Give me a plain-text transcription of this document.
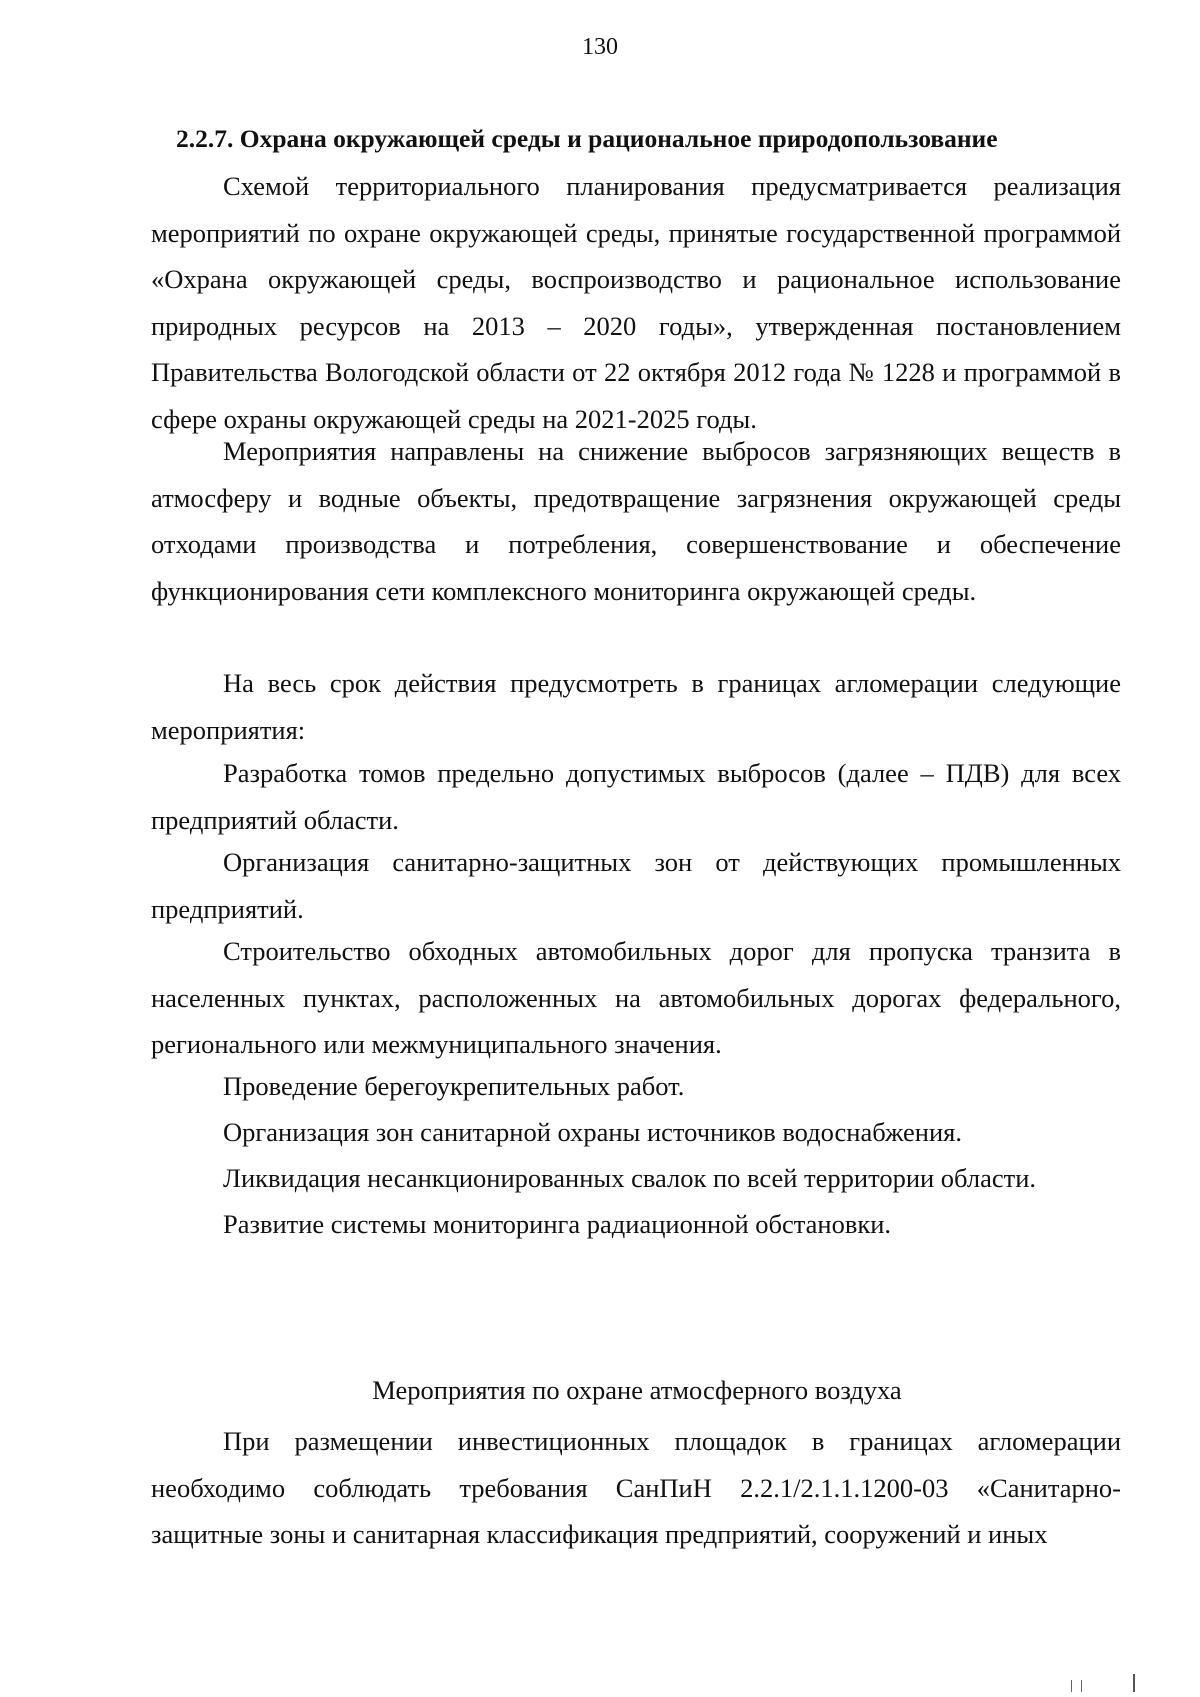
130
2.2.7. Охрана окружающей среды и рациональное природопользование

Схемой территориального планирования предусматривается реализация мероприятий по охране окружающей среды, принятые государственной программой «Охрана окружающей среды, воспроизводство и рациональное использование природных ресурсов на 2013 – 2020 годы», утвержденная постановлением Правительства Вологодской области от 22 октября 2012 года № 1228 и программой в сфере охраны окружающей среды на 2021-2025 годы.

Мероприятия направлены на снижение выбросов загрязняющих веществ в атмосферу и водные объекты, предотвращение загрязнения окружающей среды отходами производства и потребления, совершенствование и обеспечение функционирования сети комплексного мониторинга окружающей среды.

На весь срок действия предусмотреть в границах агломерации следующие мероприятия:

Разработка томов предельно допустимых выбросов (далее – ПДВ) для всех предприятий области.

Организация санитарно-защитных зон от действующих промышленных предприятий.

Строительство обходных автомобильных дорог для пропуска транзита в населенных пунктах, расположенных на автомобильных дорогах федерального, регионального или межмуниципального значения.

Проведение берегоукрепительных работ.

Организация зон санитарной охраны источников водоснабжения.

Ликвидация несанкционированных свалок по всей территории области.

Развитие системы мониторинга радиационной обстановки.

Мероприятия по охране атмосферного воздуха

При размещении инвестиционных площадок в границах агломерации необходимо соблюдать требования СанПиН 2.2.1/2.1.1.1200-03 «Санитарно-защитные зоны и санитарная классификация предприятий, сооружений и иных
